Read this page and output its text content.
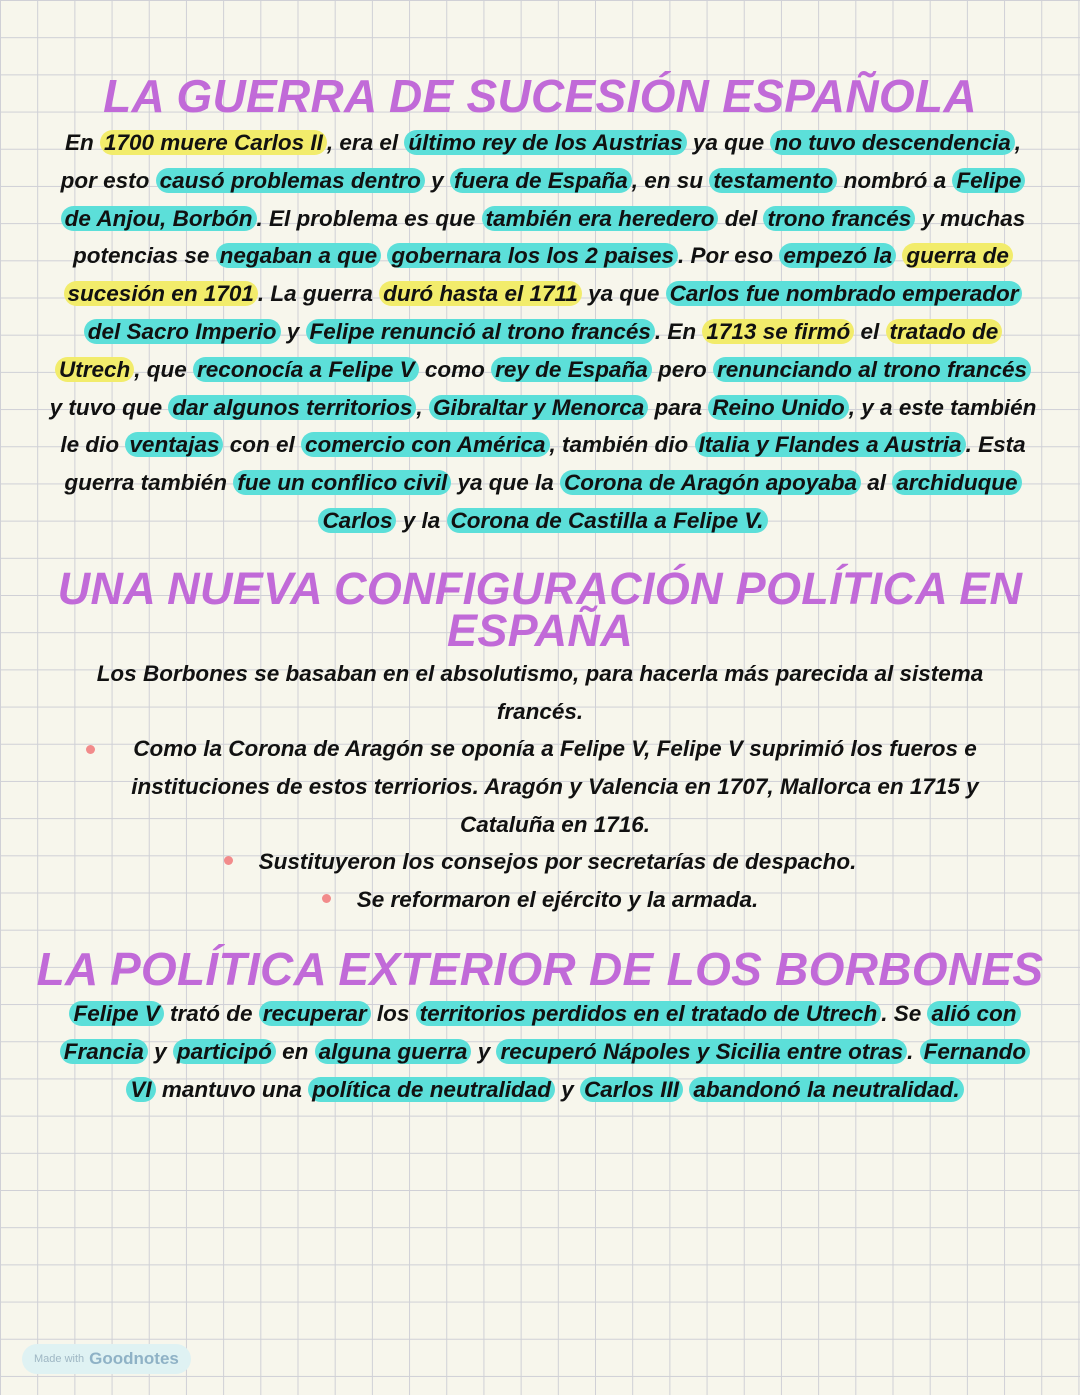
LA GUERRA DE SUCESIÓN ESPAÑOLA

En 1700 muere Carlos II , era el último rey de los Austrias ya que no tuvo descendencia , por esto causó problemas dentro y fuera de España , en su testamento nombró a Felipe de Anjou, Borbón . El problema es que también era heredero del trono francés y muchas potencias se negaban a que gobernara los los 2 paises . Por eso empezó la guerra de sucesión en 1701 . La guerra duró hasta el 1711 ya que Carlos fue nombrado emperador del Sacro Imperio y Felipe renunció al trono francés . En 1713 se firmó el tratado de Utrech , que reconocía a Felipe V como rey de España pero renunciando al trono francés y tuvo que dar algunos territorios , Gibraltar y Menorca para Reino Unido , y a este también le dio ventajas con el comercio con América , también dio Italia y Flandes a Austria . Esta guerra también fue un conflico civil ya que la Corona de Aragón apoyaba al archiduque Carlos y la Corona de Castilla a Felipe V.

UNA NUEVA CONFIGURACIÓN POLÍTICA EN
ESPAÑA

Los Borbones se basaban en el absolutismo, para hacerla más parecida al sistema francés.

Como la Corona de Aragón se oponía a Felipe V, Felipe V suprimió los fueros e instituciones de estos terriorios. Aragón y Valencia en 1707, Mallorca en 1715 y Cataluña en 1716.
Sustituyeron los consejos por secretarías de despacho.
Se reformaron el ejército y la armada.
LA POLÍTICA EXTERIOR DE LOS BORBONES

Felipe V trató de recuperar los territorios perdidos en el tratado de Utrech . Se alió con Francia y participó en alguna guerra y recuperó Nápoles y Sicilia entre otras . Fernando VI mantuvo una política de neutralidad y Carlos III abandonó la neutralidad.

Made with Goodnotes
